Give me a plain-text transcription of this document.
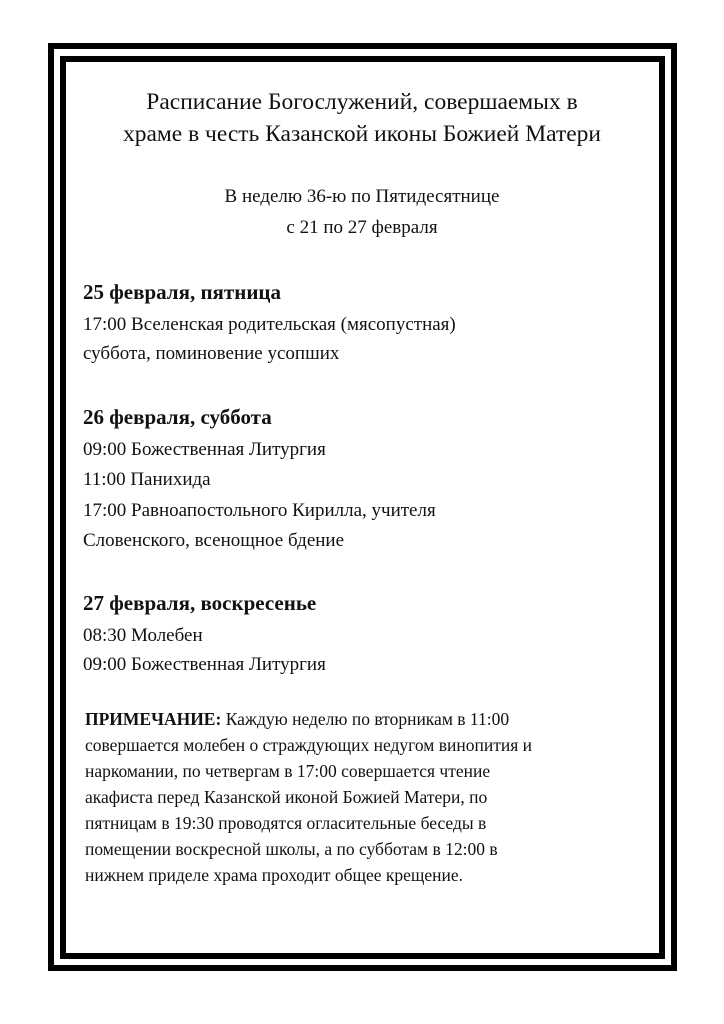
Расписание Богослужений, совершаемых в
храме в честь Казанской иконы Божией Матери
В неделю 36-ю по Пятидесятнице
с 21 по 27 февраля
25 февраля, пятница
17:00 Вселенская родительская (мясопустная)
суббота, поминовение усопших
26 февраля, суббота
09:00 Божественная Литургия
11:00 Панихида
17:00 Равноапостольного Кирилла, учителя
Словенского, всенощное бдение
27 февраля, воскресенье
08:30 Молебен
09:00 Божественная Литургия
ПРИМЕЧАНИЕ: Каждую неделю по вторникам в 11:00
совершается молебен о страждующих недугом винопития и
наркомании, по четвергам в 17:00 совершается чтение
акафиста перед Казанской иконой Божией Матери, по
пятницам в 19:30 проводятся огласительные беседы в
помещении воскресной школы, а по субботам в 12:00 в
нижнем приделе храма проходит общее крещение.
